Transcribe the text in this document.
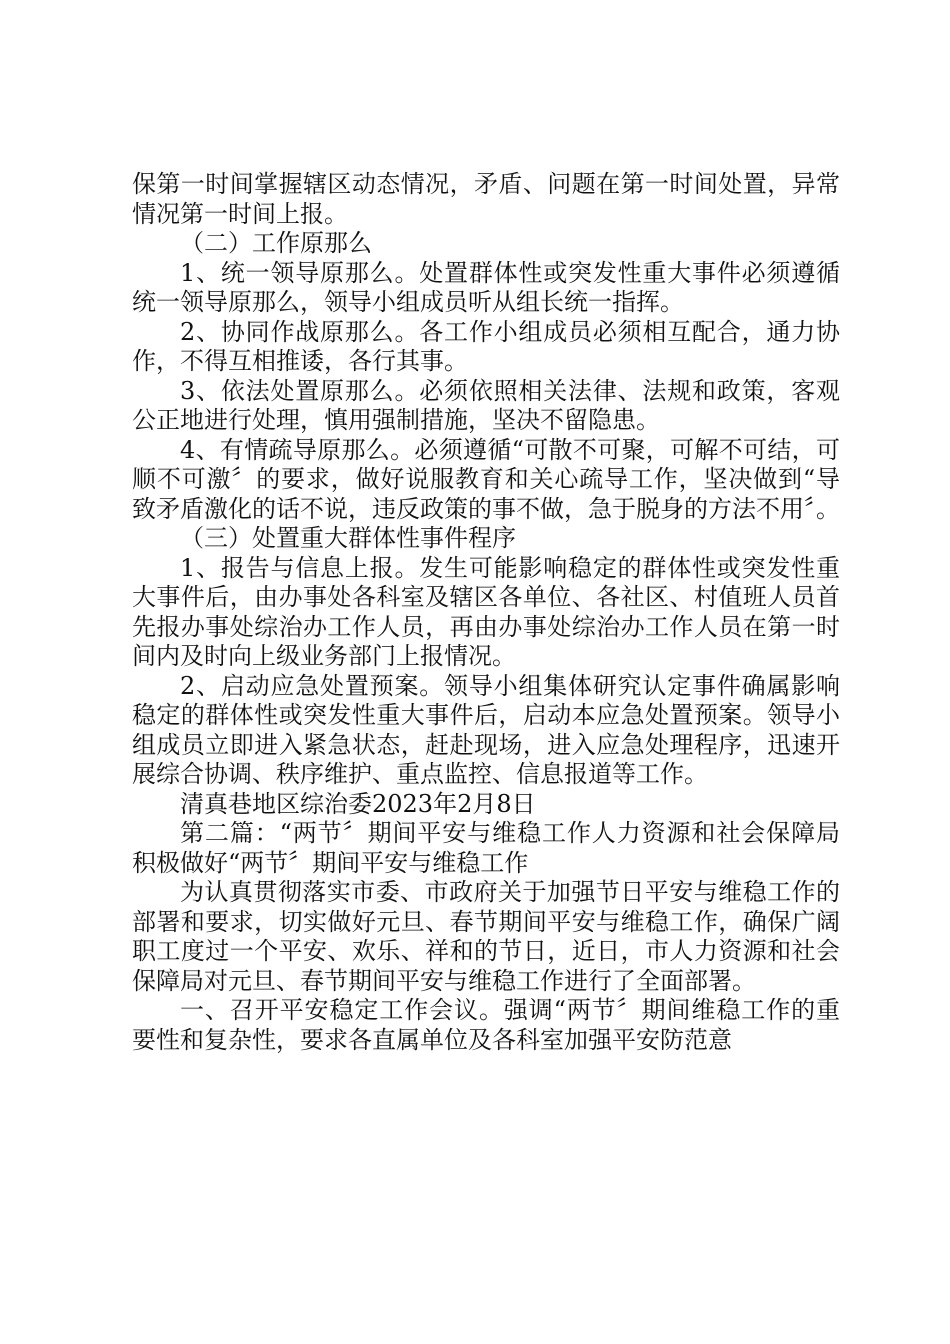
保第一时间掌握辖区动态情况，矛盾、问题在第一时间处置，异常情况第一时间上报。

（二）工作原那么

1、统一领导原那么。处置群体性或突发性重大事件必须遵循统一领导原那么，领导小组成员听从组长统一指挥。

2、协同作战原那么。各工作小组成员必须相互配合，通力协作，不得互相推诿，各行其事。

3、依法处置原那么。必须依照相关法律、法规和政策，客观公正地进行处理，慎用强制措施，坚决不留隐患。

4、有情疏导原那么。必须遵循“可散不可聚，可解不可结，可顺不可激〞的要求，做好说服教育和关心疏导工作，坚决做到“导致矛盾激化的话不说，违反政策的事不做，急于脱身的方法不用〞。

（三）处置重大群体性事件程序

1、报告与信息上报。发生可能影响稳定的群体性或突发性重大事件后，由办事处各科室及辖区各单位、各社区、村值班人员首先报办事处综治办工作人员，再由办事处综治办工作人员在第一时间内及时向上级业务部门上报情况。

2、启动应急处置预案。领导小组集体研究认定事件确属影响稳定的群体性或突发性重大事件后，启动本应急处置预案。领导小组成员立即进入紧急状态，赶赴现场，进入应急处理程序，迅速开展综合协调、秩序维护、重点监控、信息报道等工作。

清真巷地区综治委2023年2月8日

第二篇：“两节〞期间平安与维稳工作人力资源和社会保障局积极做好“两节〞期间平安与维稳工作

为认真贯彻落实市委、市政府关于加强节日平安与维稳工作的部署和要求，切实做好元旦、春节期间平安与维稳工作，确保广阔职工度过一个平安、欢乐、祥和的节日，近日，市人力资源和社会保障局对元旦、春节期间平安与维稳工作进行了全面部署。

一、召开平安稳定工作会议。强调“两节〞期间维稳工作的重要性和复杂性，要求各直属单位及各科室加强平安防范意
